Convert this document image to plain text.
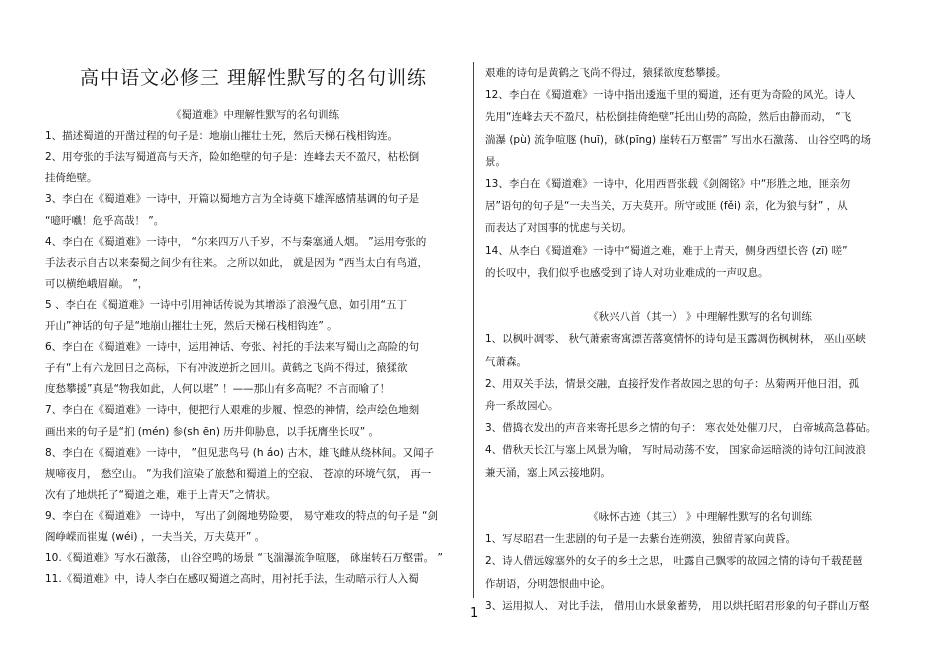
高中语文必修三 理解性默写的名句训练
《蜀道难》中理解性默写的名句训练
1、描述蜀道的开凿过程的句子是：地崩山摧壮士死，然后天梯石栈相钩连。
2、用夸张的手法写蜀道高与天齐，险如绝壁的句子是：连峰去天不盈尺，枯松倒
挂倚绝壁。
3、李白在《蜀道难》一诗中，开篇以蜀地方言为全诗奠下雄浑感情基调的句子是
“噫吁嚱！危乎高哉！ ”。
4、李白在《蜀道难》一诗中， “尔来四万八千岁，不与秦塞通人烟。 ”运用夸张的
手法表示自古以来秦蜀之间少有往来。 之所以如此， 就是因为 “西当太白有鸟道，
可以横绝峨眉巅。 ”，
5 、李白在《蜀道难》一诗中引用神话传说为其增添了浪漫气息，如引用“五丁
开山”神话的句子是“地崩山摧壮士死，然后天梯石栈相钩连” 。
6、李白在《蜀道难》一诗中，运用神话、夸张、衬托的手法来写蜀山之高险的句
子有“上有六龙回日之高标，下有冲波逆折之回川。黄鹤之飞尚不得过，猿猱欲
度愁攀援”真是“物我如此，人何以堪” ！——那山有多高呢？不言而喻了！
7、李白在《蜀道难》一诗中，便把行人艰难的步履、惶恐的神情，绘声绘色地刻
画出来的句子是“扪 (mén) 参(sh ēn) 历井仰胁息，以手抚膺坐长叹” 。
8、李白在《蜀道难》一诗中， ”但见悲鸟号 (h áo) 古木，雄飞雌从绕林间。又闻子
规啼夜月， 愁空山。 ”为我们渲染了旅愁和蜀道上的空寂、 苍凉的环境气氛， 再一
次有了地烘托了“蜀道之难，难于上青天”之情状。
9、李白在《蜀道难》 一诗中， 写出了剑阁地势险要， 易守难攻的特点的句子是 “剑
阁峥嵘而崔嵬 (wéi) ，一夫当关，万夫莫开” 。
10.《蜀道难》写水石激荡， 山谷空鸣的场景 “飞湍瀑流争喧豗， 砯崖转石万壑雷。 ”
11.《蜀道难》中，诗人李白在感叹蜀道之高时，用衬托手法，生动暗示行人入蜀
艰难的诗句是黄鹤之飞尚不得过，猿猱欲度愁攀援。
12、李白在《蜀道难》一诗中指出逶迤千里的蜀道，还有更为奇险的风光。诗人
先用“连峰去天不盈尺，枯松倒挂倚绝壁”托出山势的高险，然后由静而动， “飞
湍瀑 (pù) 流争喧豗 (huī)，砯(pīng) 崖转石万壑雷” 写出水石激荡、 山谷空鸣的场
景。
13、李白在《蜀道难》一诗中，化用西晋张载《剑阁铭》中“形胜之地，匪亲勿
居”语句的句子是“一夫当关，万夫莫开。所守或匪 (fěi) 亲，化为狼与豺” ，从
而表达了对国事的忧虑与关切。
14、从李白《蜀道难》一诗中“蜀道之难，难于上青天，侧身西望长咨 (zī) 嗟”
的长叹中，我们似乎也感受到了诗人对功业难成的一声叹息。
《秋兴八首（其一） 》中理解性默写的名句训练
1、以枫叶凋零、 秋气萧索寄寓漂苦落寞情怀的诗句是玉露凋伤枫树林， 巫山巫峡
气萧森。
2、用双关手法，情景交融，直接抒发作者故园之思的句子：丛菊两开他日泪，孤
舟一系故园心。
3、借捣衣发出的声音来寄托思乡之情的句子： 寒衣处处催刀尺， 白帝城高急暮砧。
4、借秋天长江与塞上风景为喻， 写时局动荡不安， 国家命运暗淡的诗句江间波浪
兼天涌，塞上风云接地阴。
《咏怀古迹（其三） 》中理解性默写的名句训练
1、写尽昭君一生悲剧的句子是一去紫台连朔漠，独留青冢向黄昏。
2、诗人借远嫁塞外的女子的乡土之思， 吐露自己飘零的故园之情的诗句千载琵琶
作胡语，分明怨恨曲中论。
3、运用拟人、 对比手法， 借用山水景象蓄势， 用以烘托昭君形象的句子群山万壑
1
